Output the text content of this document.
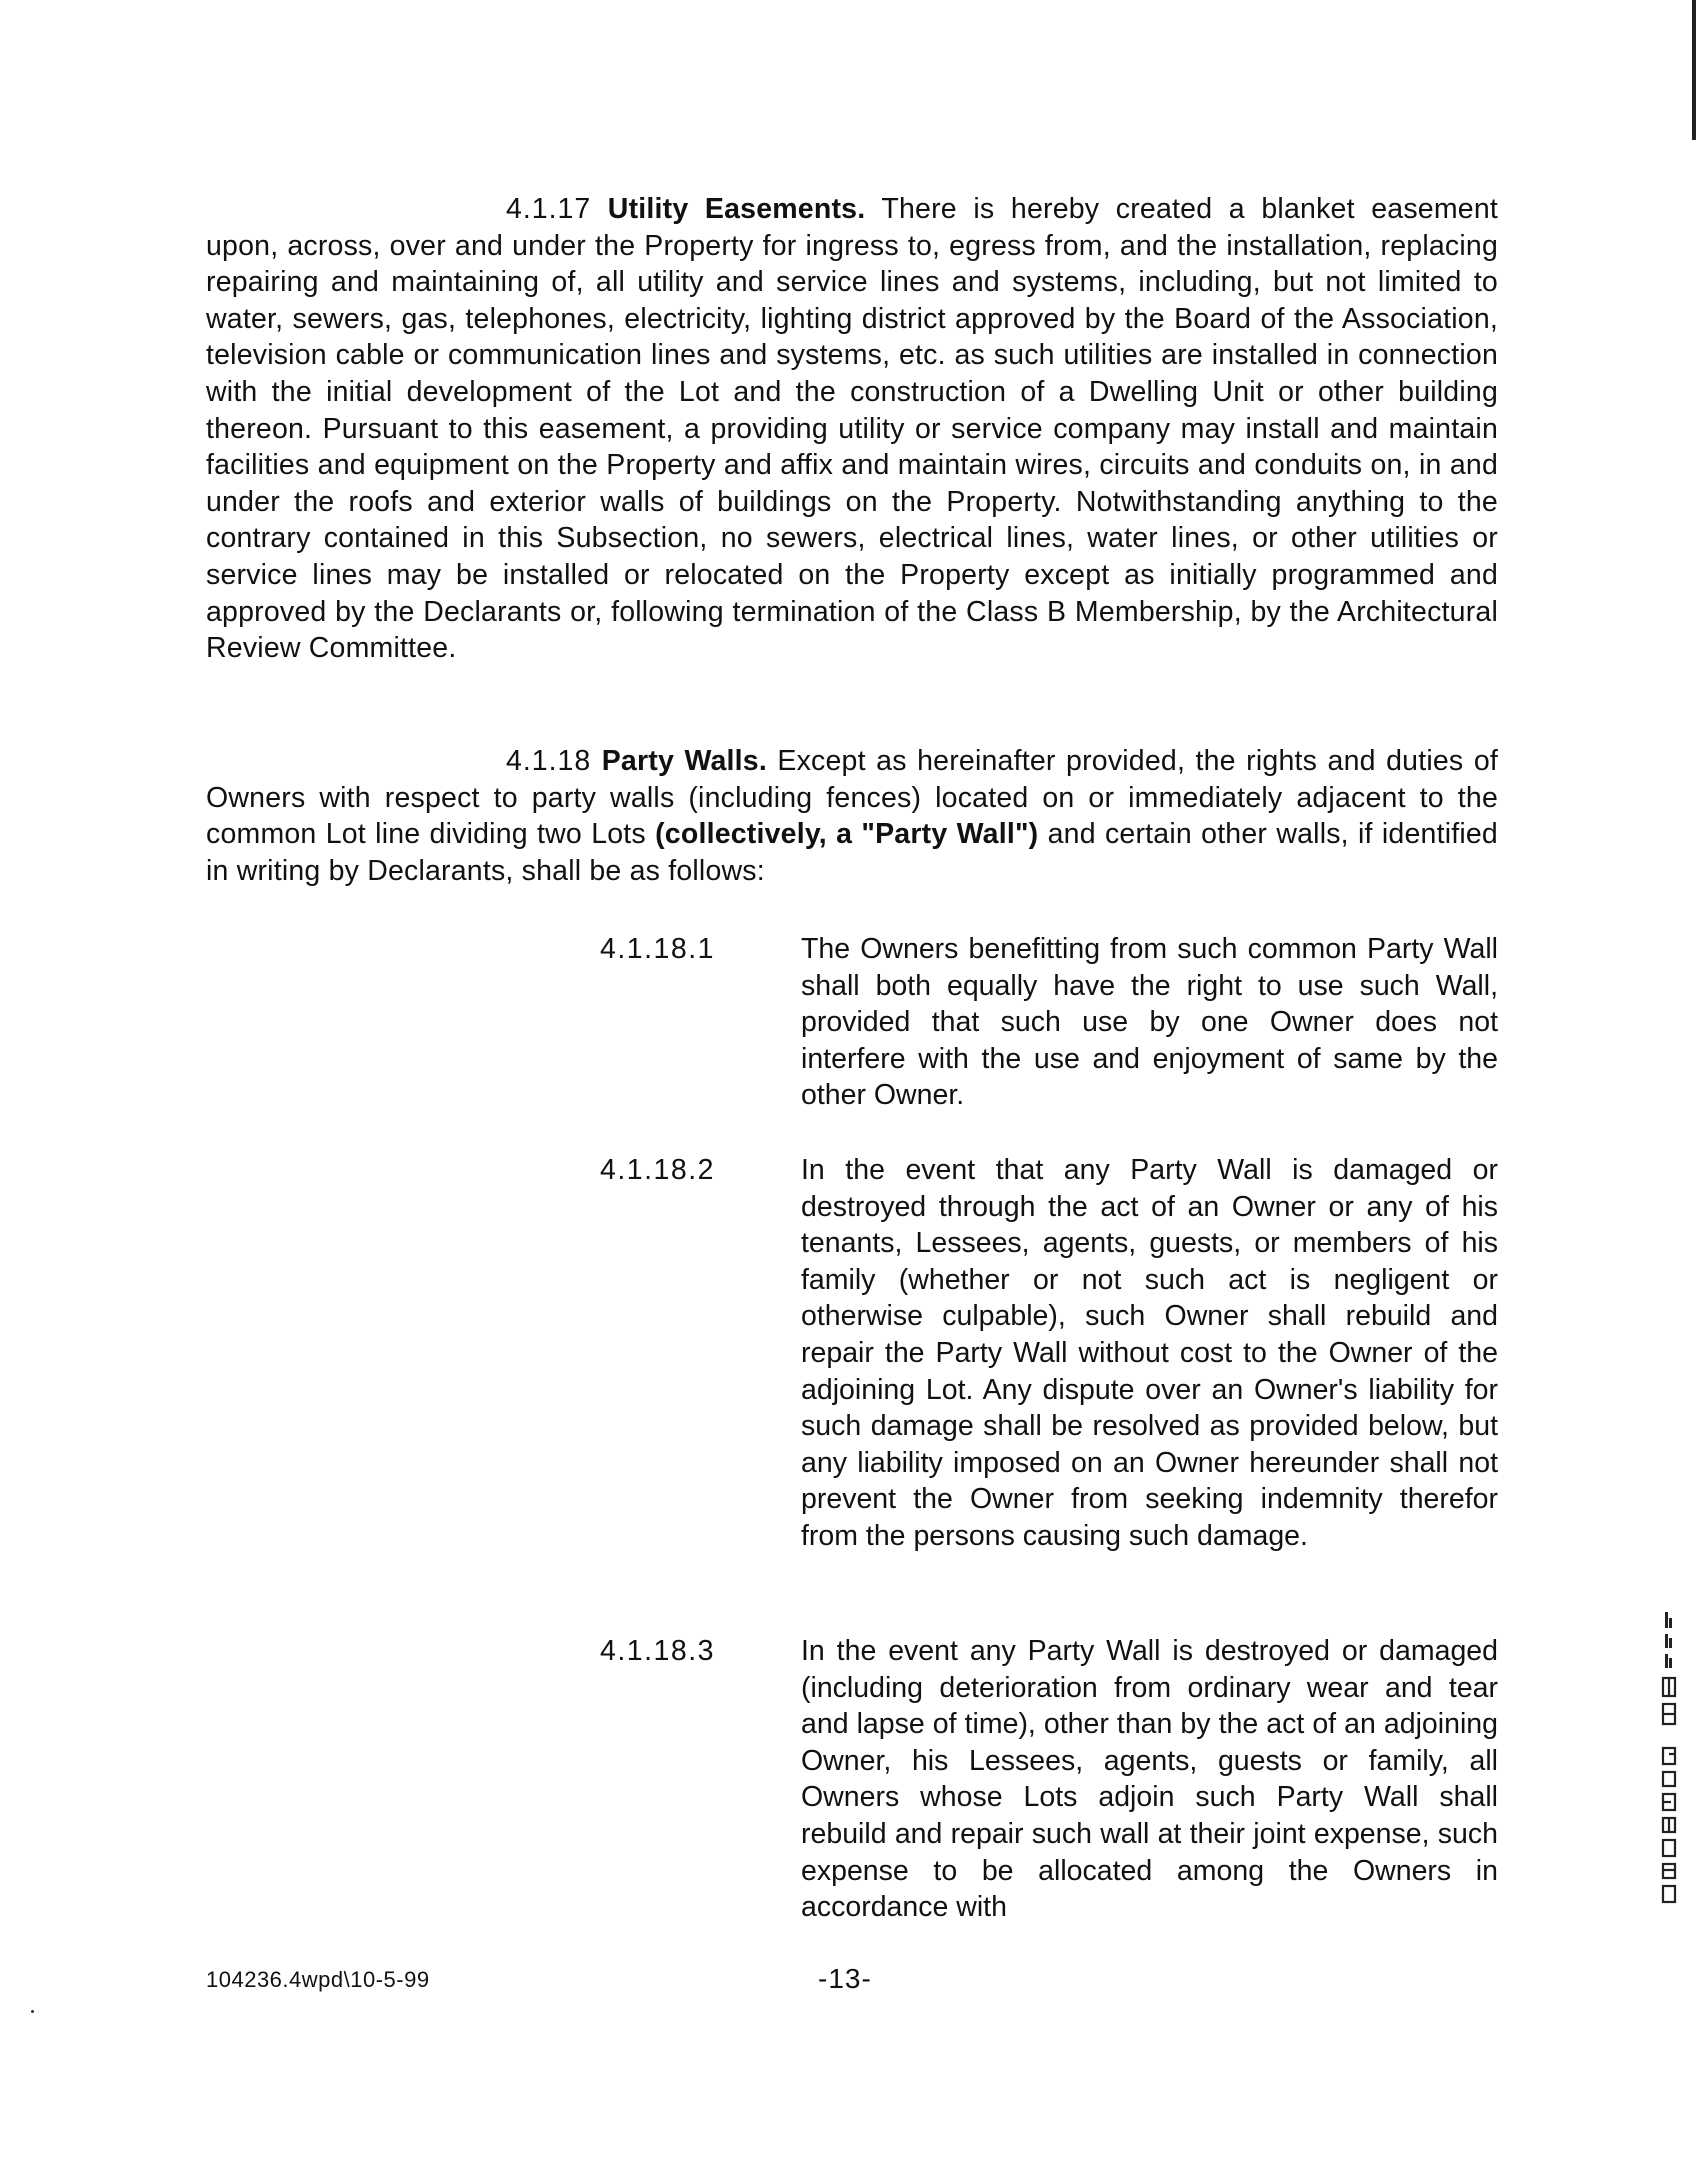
4.1.17 Utility Easements. There is hereby created a blanket easement upon, across, over and under the Property for ingress to, egress from, and the installation, replacing repairing and maintaining of, all utility and service lines and systems, including, but not limited to water, sewers, gas, telephones, electricity, lighting district approved by the Board of the Association, television cable or communication lines and systems, etc. as such utilities are installed in connection with the initial development of the Lot and the construction of a Dwelling Unit or other building thereon. Pursuant to this easement, a providing utility or service company may install and maintain facilities and equipment on the Property and affix and maintain wires, circuits and conduits on, in and under the roofs and exterior walls of buildings on the Property. Notwithstanding anything to the contrary contained in this Subsection, no sewers, electrical lines, water lines, or other utilities or service lines may be installed or relocated on the Property except as initially programmed and approved by the Declarants or, following termination of the Class B Membership, by the Architectural Review Committee.

4.1.18 Party Walls. Except as hereinafter provided, the rights and duties of Owners with respect to party walls (including fences) located on or immediately adjacent to the common Lot line dividing two Lots (collectively, a "Party Wall") and certain other walls, if identified in writing by Declarants, shall be as follows:

4.1.18.1	The Owners benefitting from such common Party Wall shall both equally have the right to use such Wall, provided that such use by one Owner does not interfere with the use and enjoyment of same by the other Owner.

4.1.18.2	In the event that any Party Wall is damaged or destroyed through the act of an Owner or any of his tenants, Lessees, agents, guests, or members of his family (whether or not such act is negligent or otherwise culpable), such Owner shall rebuild and repair the Party Wall without cost to the Owner of the adjoining Lot. Any dispute over an Owner's liability for such damage shall be resolved as provided below, but any liability imposed on an Owner hereunder shall not prevent the Owner from seeking indemnity therefor from the persons causing such damage.

4.1.18.3	In the event any Party Wall is destroyed or damaged (including deterioration from ordinary wear and tear and lapse of time), other than by the act of an adjoining Owner, his Lessees, agents, guests or family, all Owners whose Lots adjoin such Party Wall shall rebuild and repair such wall at their joint expense, such expense to be allocated among the Owners in accordance with

104236.4wpd\10-5-99	-13-
